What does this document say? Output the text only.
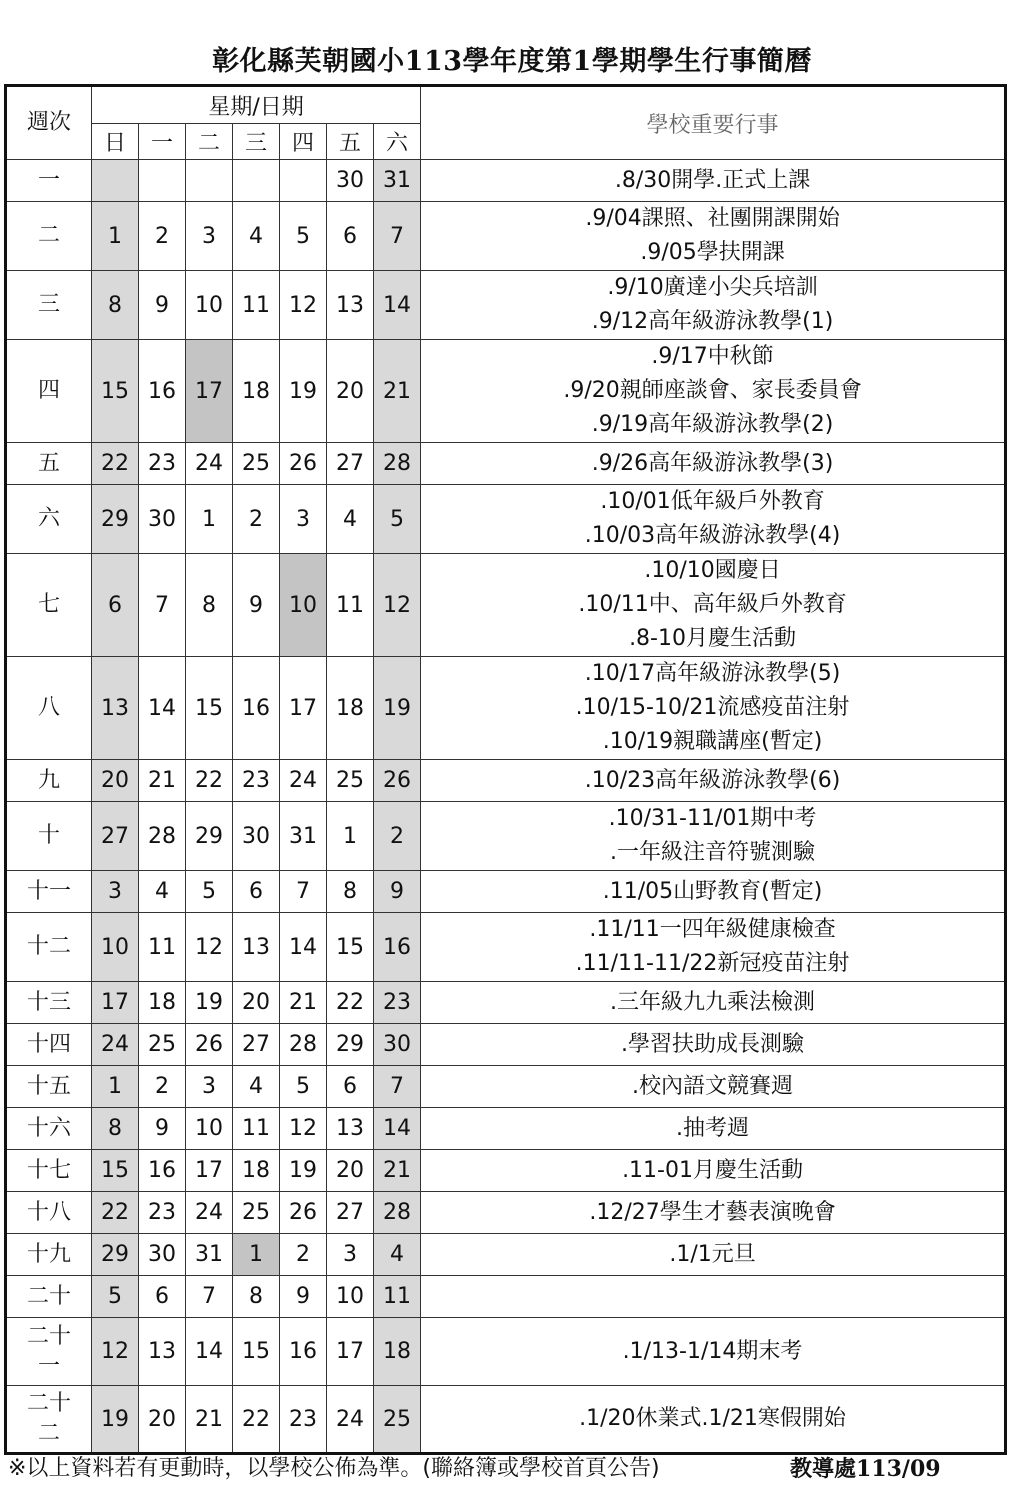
彰化縣芙朝國小113學年度第1學期學生行事簡曆
週次	星期/日期							學校重要行事
	日	一	二	三	四	五	六	

一						30	31	.8/30開學.正式上課

二	1	2	3	4	5	6	7	.9/04課照、社團開課開始
.9/05學扶開課

三	8	9	10	11	12	13	14	.9/10廣達小尖兵培訓
.9/12高年級游泳教學(1)

四	15	16	17	18	19	20	21	.9/17中秋節
.9/20親師座談會、家長委員會
.9/19高年級游泳教學(2)

五	22	23	24	25	26	27	28	.9/26高年級游泳教學(3)

六	29	30	1	2	3	4	5	.10/01低年級戶外教育
.10/03高年級游泳教學(4)

七	6	7	8	9	10	11	12	.10/10國慶日
.10/11中、高年級戶外教育
.8-10月慶生活動

八	13	14	15	16	17	18	19	.10/17高年級游泳教學(5)
.10/15-10/21流感疫苗注射
.10/19親職講座(暫定)

九	20	21	22	23	24	25	26	.10/23高年級游泳教學(6)

十	27	28	29	30	31	1	2	.10/31-11/01期中考
.一年級注音符號測驗

十一	3	4	5	6	7	8	9	.11/05山野教育(暫定)

十二	10	11	12	13	14	15	16	.11/11一四年級健康檢查
.11/11-11/22新冠疫苗注射

十三	17	18	19	20	21	22	23	.三年級九九乘法檢測

十四	24	25	26	27	28	29	30	.學習扶助成長測驗

十五	1	2	3	4	5	6	7	.校內語文競賽週

十六	8	9	10	11	12	13	14	.抽考週

十七	15	16	17	18	19	20	21	.11-01月慶生活動

十八	22	23	24	25	26	27	28	.12/27學生才藝表演晚會

十九	29	30	31	1	2	3	4	.1/1元旦

二十	5	6	7	8	9	10	11	

二十
一	12	13	14	15	16	17	18	.1/13-1/14期末考

二十
二	19	20	21	22	23	24	25	.1/20休業式.1/21寒假開始
※以上資料若有更動時，以學校公佈為準。(聯絡簿或學校首頁公告)	教導處113/09
